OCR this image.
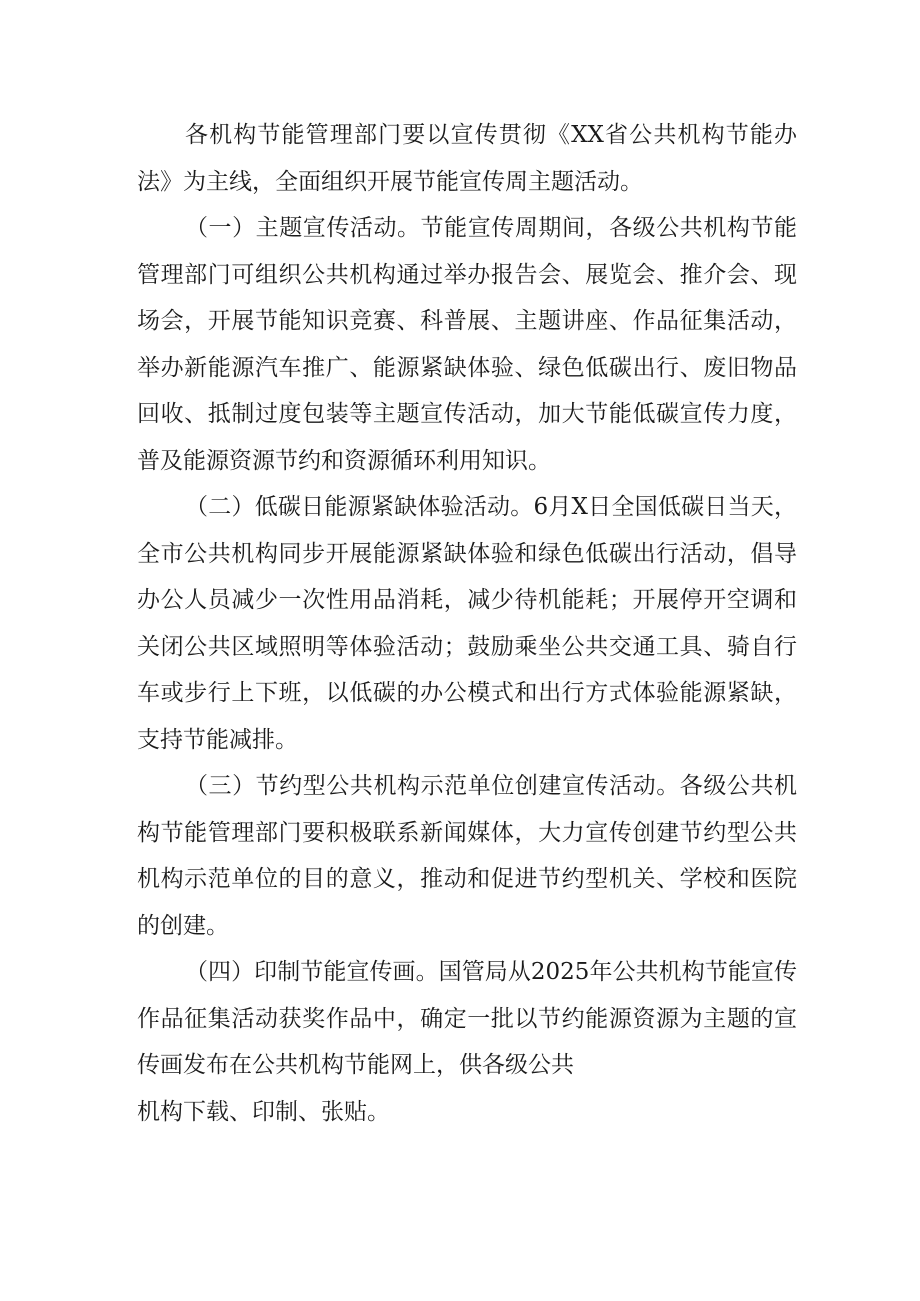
各机构节能管理部门要以宣传贯彻《XX省公共机构节能办法》为主线，全面组织开展节能宣传周主题活动。

（一）主题宣传活动。节能宣传周期间，各级公共机构节能管理部门可组织公共机构通过举办报告会、展览会、推介会、现场会，开展节能知识竞赛、科普展、主题讲座、作品征集活动，举办新能源汽车推广、能源紧缺体验、绿色低碳出行、废旧物品回收、抵制过度包装等主题宣传活动，加大节能低碳宣传力度，普及能源资源节约和资源循环利用知识。

（二）低碳日能源紧缺体验活动。6月X日全国低碳日当天，全市公共机构同步开展能源紧缺体验和绿色低碳出行活动，倡导办公人员减少一次性用品消耗，减少待机能耗；开展停开空调和关闭公共区域照明等体验活动；鼓励乘坐公共交通工具、骑自行车或步行上下班，以低碳的办公模式和出行方式体验能源紧缺，支持节能减排。

（三）节约型公共机构示范单位创建宣传活动。各级公共机构节能管理部门要积极联系新闻媒体，大力宣传创建节约型公共机构示范单位的目的意义，推动和促进节约型机关、学校和医院的创建。

（四）印制节能宣传画。国管局从2025年公共机构节能宣传作品征集活动获奖作品中，确定一批以节约能源资源为主题的宣传画发布在公共机构节能网上，供各级公共
机构下载、印制、张贴。
